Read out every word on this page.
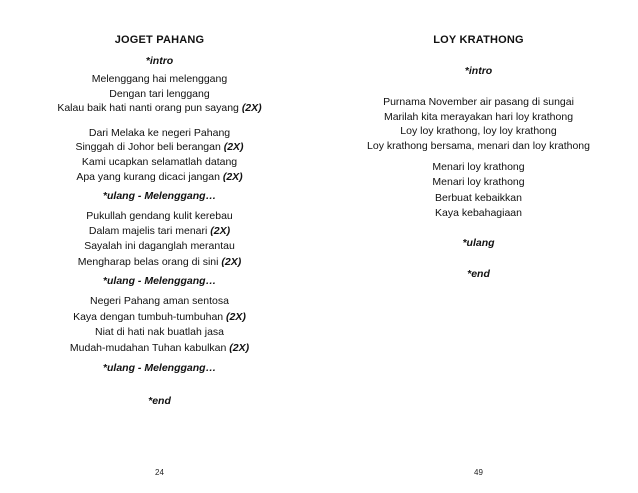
JOGET PAHANG
*intro
Melenggang hai melenggang
Dengan tari lenggang
Kalau baik hati nanti orang pun sayang (2X)
Dari Melaka ke negeri Pahang
Singgah di Johor beli berangan (2X)
Kami ucapkan selamatlah datang
Apa yang kurang dicaci jangan (2X)
*ulang - Melenggang…
Pukullah gendang kulit kerebau
Dalam majelis tari menari (2X)
Sayalah ini daganglah merantau
Mengharap belas orang di sini (2X)
*ulang - Melenggang…
Negeri Pahang aman sentosa
Kaya dengan tumbuh-tumbuhan (2X)
Niat di hati nak buatlah jasa
Mudah-mudahan Tuhan kabulkan (2X)
*ulang - Melenggang…
*end
24
LOY KRATHONG
*intro
Purnama November air pasang di sungai
Marilah kita merayakan hari loy krathong
Loy loy krathong, loy loy krathong
Loy krathong bersama, menari dan loy krathong
Menari loy krathong
Menari loy krathong
Berbuat kebaikkan
Kaya kebahagiaan
*ulang
*end
49
